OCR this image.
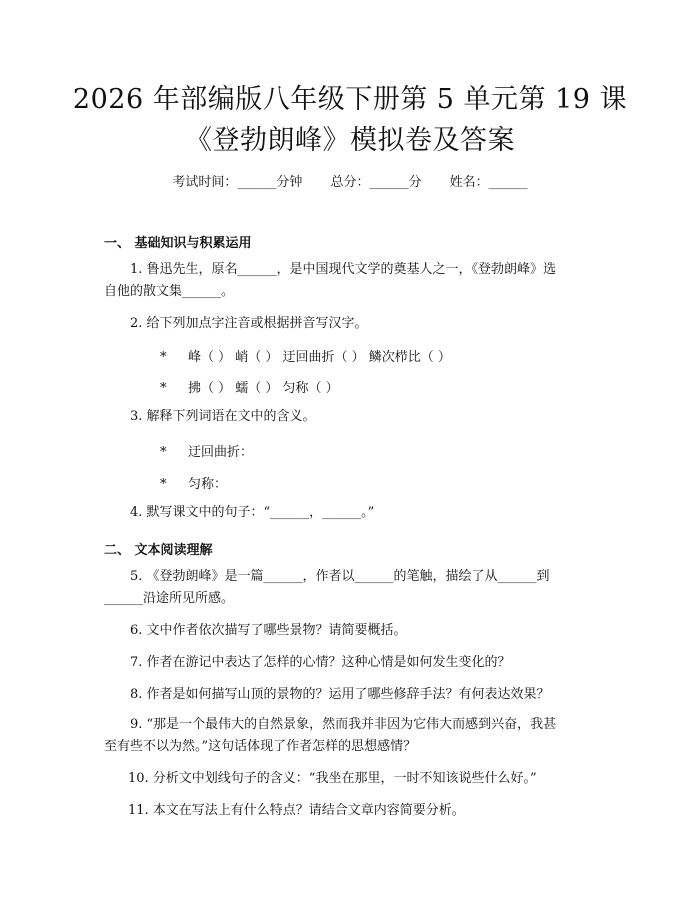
2026 年部编版八年级下册第 5 单元第 19 课
《登勃朗峰》模拟卷及答案
考试时间：______分钟 总分：______分 姓名：______
一、 基础知识与积累运用
1. 鲁迅先生，原名______，是中国现代文学的奠基人之一，《登勃朗峰》选
自他的散文集______。
2. 给下列加点字注音或根据拼音写汉字。
* 峰（ ） 峭（ ） 迂回曲折（ ） 鳞次栉比（ ）
* 拂（ ） 蠕（ ） 匀称（ ）
3. 解释下列词语在文中的含义。
* 迂回曲折：
* 匀称：
4. 默写课文中的句子：“______，______。”
二、 文本阅读理解
5. 《登勃朗峰》是一篇______，作者以______的笔触，描绘了从______到
______沿途所见所感。
6. 文中作者依次描写了哪些景物？请简要概括。
7. 作者在游记中表达了怎样的心情？这种心情是如何发生变化的？
8. 作者是如何描写山顶的景物的？运用了哪些修辞手法？有何表达效果？
9. “那是一个最伟大的自然景象，然而我并非因为它伟大而感到兴奋，我甚
至有些不以为然。”这句话体现了作者怎样的思想感情？
10. 分析文中划线句子的含义：“我坐在那里，一时不知该说些什么好。”
11. 本文在写法上有什么特点？请结合文章内容简要分析。
